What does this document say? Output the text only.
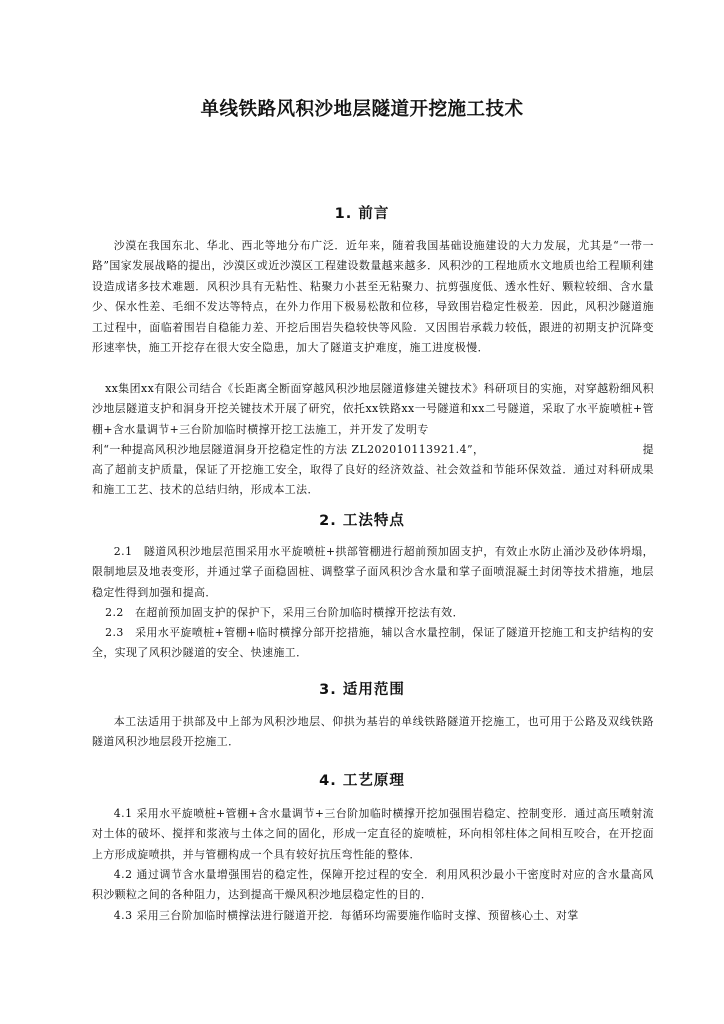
单线铁路风积沙地层隧道开挖施工技术
1. 前言

沙漠在我国东北、华北、西北等地分布广泛．近年来，随着我国基础设施建设的大力发展，尤其是“一带一路”国家发展战略的提出，沙漠区或近沙漠区工程建设数量越来越多．风积沙的工程地质水文地质也给工程顺利建设造成诸多技术难题．风积沙具有无粘性、粘聚力小甚至无粘聚力、抗剪强度低、透水性好、颗粒较细、含水量少、保水性差、毛细不发达等特点，在外力作用下极易松散和位移，导致围岩稳定性极差．因此，风积沙隧道施工过程中，面临着围岩自稳能力差、开挖后围岩失稳较快等风险．又因围岩承载力较低，跟进的初期支护沉降变形速率快，施工开挖存在很大安全隐患，加大了隧道支护难度，施工进度极慢．

xx集团xx有限公司结合《长距离全断面穿越风积沙地层隧道修建关键技术》科研项目的实施，对穿越粉细风积沙地层隧道支护和洞身开挖关键技术开展了研究，依托xx铁路xx一号隧道和xx二号隧道，采取了水平旋喷桩+管棚+含水量调节+三台阶加临时横撑开挖工法施工，并开发了发明专

利“一种提高风积沙地层隧道洞身开挖稳定性的方法 ZL202010113921.4”，	提

高了超前支护质量，保证了开挖施工安全，取得了良好的经济效益、社会效益和节能环保效益．通过对科研成果和施工工艺、技术的总结归纳，形成本工法．

2. 工法特点

2.1　隧道风积沙地层范围采用水平旋喷桩+拱部管棚进行超前预加固支护，有效止水防止涌沙及砂体坍塌，限制地层及地表变形，并通过掌子面稳固桩、调整掌子面风积沙含水量和掌子面喷混凝土封闭等技术措施，地层稳定性得到加强和提高．

2.2　在超前预加固支护的保护下，采用三台阶加临时横撑开挖法有效．

2.3　采用水平旋喷桩+管棚+临时横撑分部开挖措施，辅以含水量控制，保证了隧道开挖施工和支护结构的安全，实现了风积沙隧道的安全、快速施工．

3. 适用范围

本工法适用于拱部及中上部为风积沙地层、仰拱为基岩的单线铁路隧道开挖施工，也可用于公路及双线铁路隧道风积沙地层段开挖施工．

4. 工艺原理

4.1 采用水平旋喷桩+管棚+含水量调节+三台阶加临时横撑开挖加强围岩稳定、控制变形．通过高压喷射流对土体的破坏、搅拌和浆液与土体之间的固化，形成一定直径的旋喷桩，环向相邻柱体之间相互咬合，在开挖面上方形成旋喷拱，并与管棚构成一个具有较好抗压弯性能的整体．

4.2 通过调节含水量增强围岩的稳定性，保障开挖过程的安全．利用风积沙最小干密度时对应的含水量高风积沙颗粒之间的各种阻力，达到提高干燥风积沙地层稳定性的目的．

4.3 采用三台阶加临时横撑法进行隧道开挖．每循环均需要施作临时支撑、预留核心土、对掌
